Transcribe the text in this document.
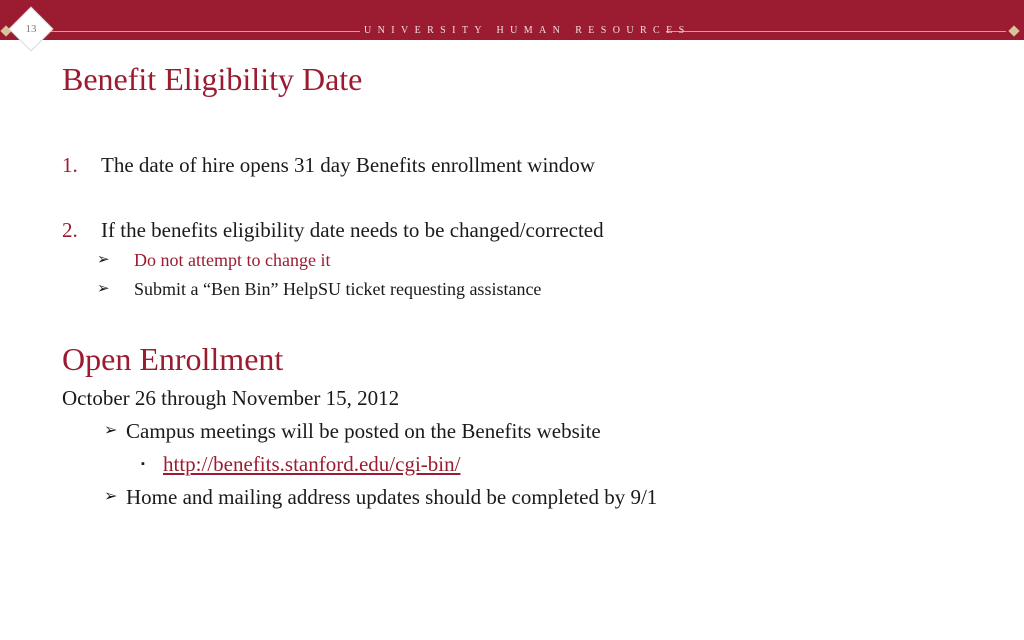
UNIVERSITY HUMAN RESOURCES
13
Benefit Eligibility Date
1. The date of hire opens 31 day Benefits enrollment window
2. If the benefits eligibility date needs to be changed/corrected
➢ Do not attempt to change it
➢ Submit a “Ben Bin” HelpSU ticket requesting assistance
Open Enrollment
October 26 through November 15, 2012
➢ Campus meetings will be posted on the Benefits website
▪ http://benefits.stanford.edu/cgi-bin/
➢ Home and mailing address updates should be completed by 9/1
